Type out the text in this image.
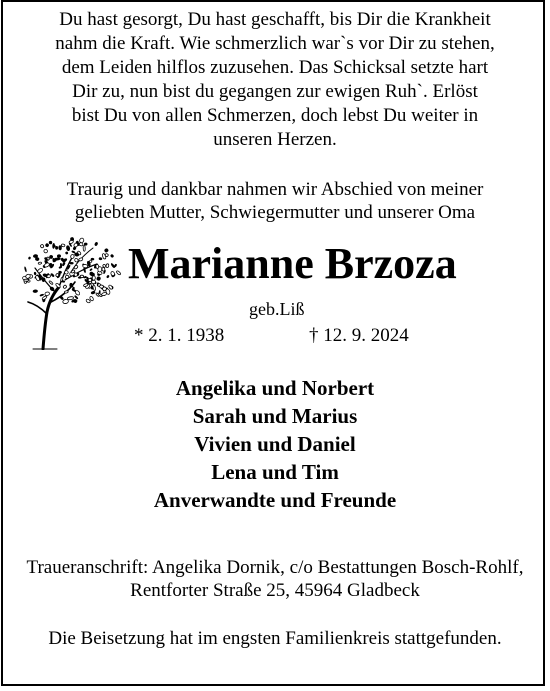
Du hast gesorgt, Du hast geschafft, bis Dir die Krankheit
nahm die Kraft. Wie schmerzlich war`s vor Dir zu stehen,
dem Leiden hilflos zuzusehen. Das Schicksal setzte hart
Dir zu, nun bist du gegangen zur ewigen Ruh`. Erlöst
bist Du von allen Schmerzen, doch lebst Du weiter in
unseren Herzen.
Traurig und dankbar nahmen wir Abschied von meiner
geliebten Mutter, Schwiegermutter und unserer Oma
Marianne Brzoza
geb.Liß
* 2. 1. 1938	† 12. 9. 2024
Angelika und Norbert
Sarah und Marius
Vivien und Daniel
Lena und Tim
Anverwandte und Freunde
Traueranschrift: Angelika Dornik, c/o Bestattungen Bosch-Rohlf,
Rentforter Straße 25, 45964 Gladbeck
Die Beisetzung hat im engsten Familienkreis stattgefunden.
